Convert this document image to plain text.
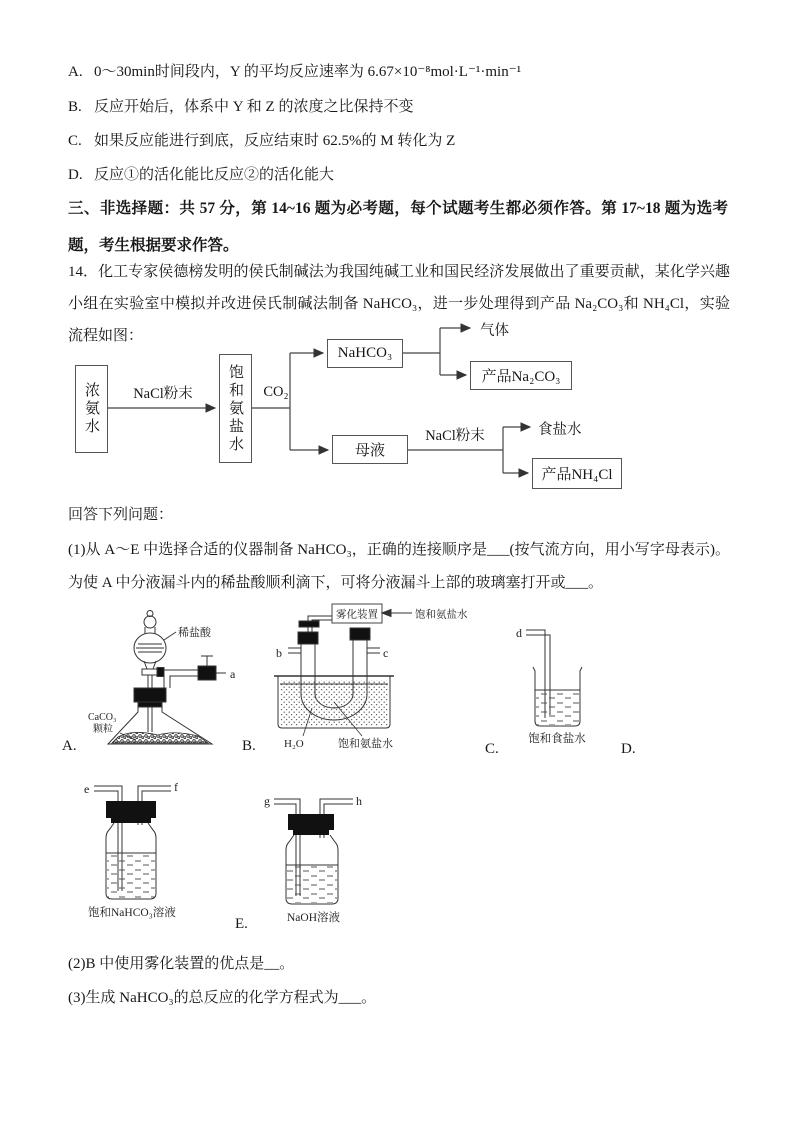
A. 0～30min时间段内，Y 的平均反应速率为 6.67×10⁻⁸mol·L⁻¹·min⁻¹
B. 反应开始后，体系中 Y 和 Z 的浓度之比保持不变
C. 如果反应能进行到底，反应结束时 62.5%的 M 转化为 Z
D. 反应①的活化能比反应②的活化能大
三、非选择题：共 57 分，第 14~16 题为必考题，每个试题考生都必须作答。第 17~18 题为选考题，考生根据要求作答。
14．化工专家侯德榜发明的侯氏制碱法为我国纯碱工业和国民经济发展做出了重要贡献，某化学兴趣小组在实验室中模拟并改进侯氏制碱法制备 NaHCO₃，进一步处理得到产品 Na₂CO₃和 NH₄Cl，实验流程如图：
浓氨水	NaCl粉末	饱和氨盐水	CO₂
NaHCO₃
气体
产品Na₂CO₃
母液
NaCl粉末	食盐水
产品NH₄Cl
回答下列问题：
(1)从 A～E 中选择合适的仪器制备 NaHCO₃，正确的连接顺序是___(按气流方向，用小写字母表示)。为使 A 中分液漏斗内的稀盐酸顺利滴下，可将分液漏斗上部的玻璃塞打开或___。
稀盐酸
a
CaCO₃
颗粒
A.
雾化装置	饱和氨盐水
b	c
H₂O	饱和氨盐水
B.
d
饱和食盐水
C.	D.
e	f
饱和NaHCO₃溶液
g	h
NaOH溶液
E.
(2)B 中使用雾化装置的优点是__。
(3)生成 NaHCO₃的总反应的化学方程式为___。
